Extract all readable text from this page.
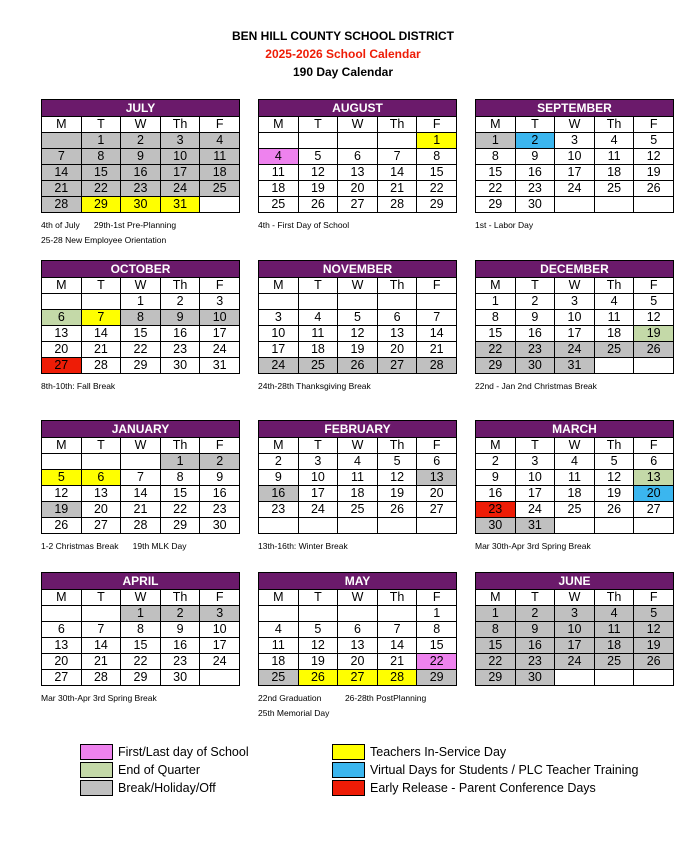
BEN HILL COUNTY SCHOOL DISTRICT
2025-2026 School Calendar
190 Day Calendar
JULY				
M	T	W	Th	F
	1	2	3	4
7	8	9	10	11
14	15	16	17	18
21	22	23	24	25
28	29	30	31	
4th of July      29th-1st Pre-Planning
25-28 New Employee Orientation
AUGUST				
M	T	W	Th	F
				1
4	5	6	7	8
11	12	13	14	15
18	19	20	21	22
25	26	27	28	29
4th - First Day of School
SEPTEMBER				
M	T	W	Th	F
1	2	3	4	5
8	9	10	11	12
15	16	17	18	19
22	23	24	25	26
29	30			
1st - Labor Day
OCTOBER				
M	T	W	Th	F
		1	2	3
6	7	8	9	10
13	14	15	16	17
20	21	22	23	24
27	28	29	30	31
8th-10th: Fall Break
NOVEMBER				
M	T	W	Th	F

3	4	5	6	7
10	11	12	13	14
17	18	19	20	21
24	25	26	27	28
24th-28th Thanksgiving Break
DECEMBER				
M	T	W	Th	F
1	2	3	4	5
8	9	10	11	12
15	16	17	18	19
22	23	24	25	26
29	30	31		
22nd - Jan 2nd Christmas Break
JANUARY				
M	T	W	Th	F
			1	2
5	6	7	8	9
12	13	14	15	16
19	20	21	22	23
26	27	28	29	30
1-2 Christmas Break      19th MLK Day
FEBRUARY				
M	T	W	Th	F
2	3	4	5	6
9	10	11	12	13
16	17	18	19	20
23	24	25	26	27

13th-16th: Winter Break
MARCH				
M	T	W	Th	F
2	3	4	5	6
9	10	11	12	13
16	17	18	19	20
23	24	25	26	27
30	31			
Mar 30th-Apr 3rd Spring Break
APRIL				
M	T	W	Th	F
		1	2	3
6	7	8	9	10
13	14	15	16	17
20	21	22	23	24
27	28	29	30	
Mar 30th-Apr 3rd Spring Break
MAY				
M	T	W	Th	F
				1
4	5	6	7	8
11	12	13	14	15
18	19	20	21	22
25	26	27	28	29
22nd Graduation          26-28th PostPlanning
25th Memorial Day
JUNE				
M	T	W	Th	F
1	2	3	4	5
8	9	10	11	12
15	16	17	18	19
22	23	24	25	26
29	30			
First/Last day of School
End of Quarter
Break/Holiday/Off
Teachers In-Service Day
Virtual Days for Students / PLC Teacher Training
Early Release - Parent Conference Days
